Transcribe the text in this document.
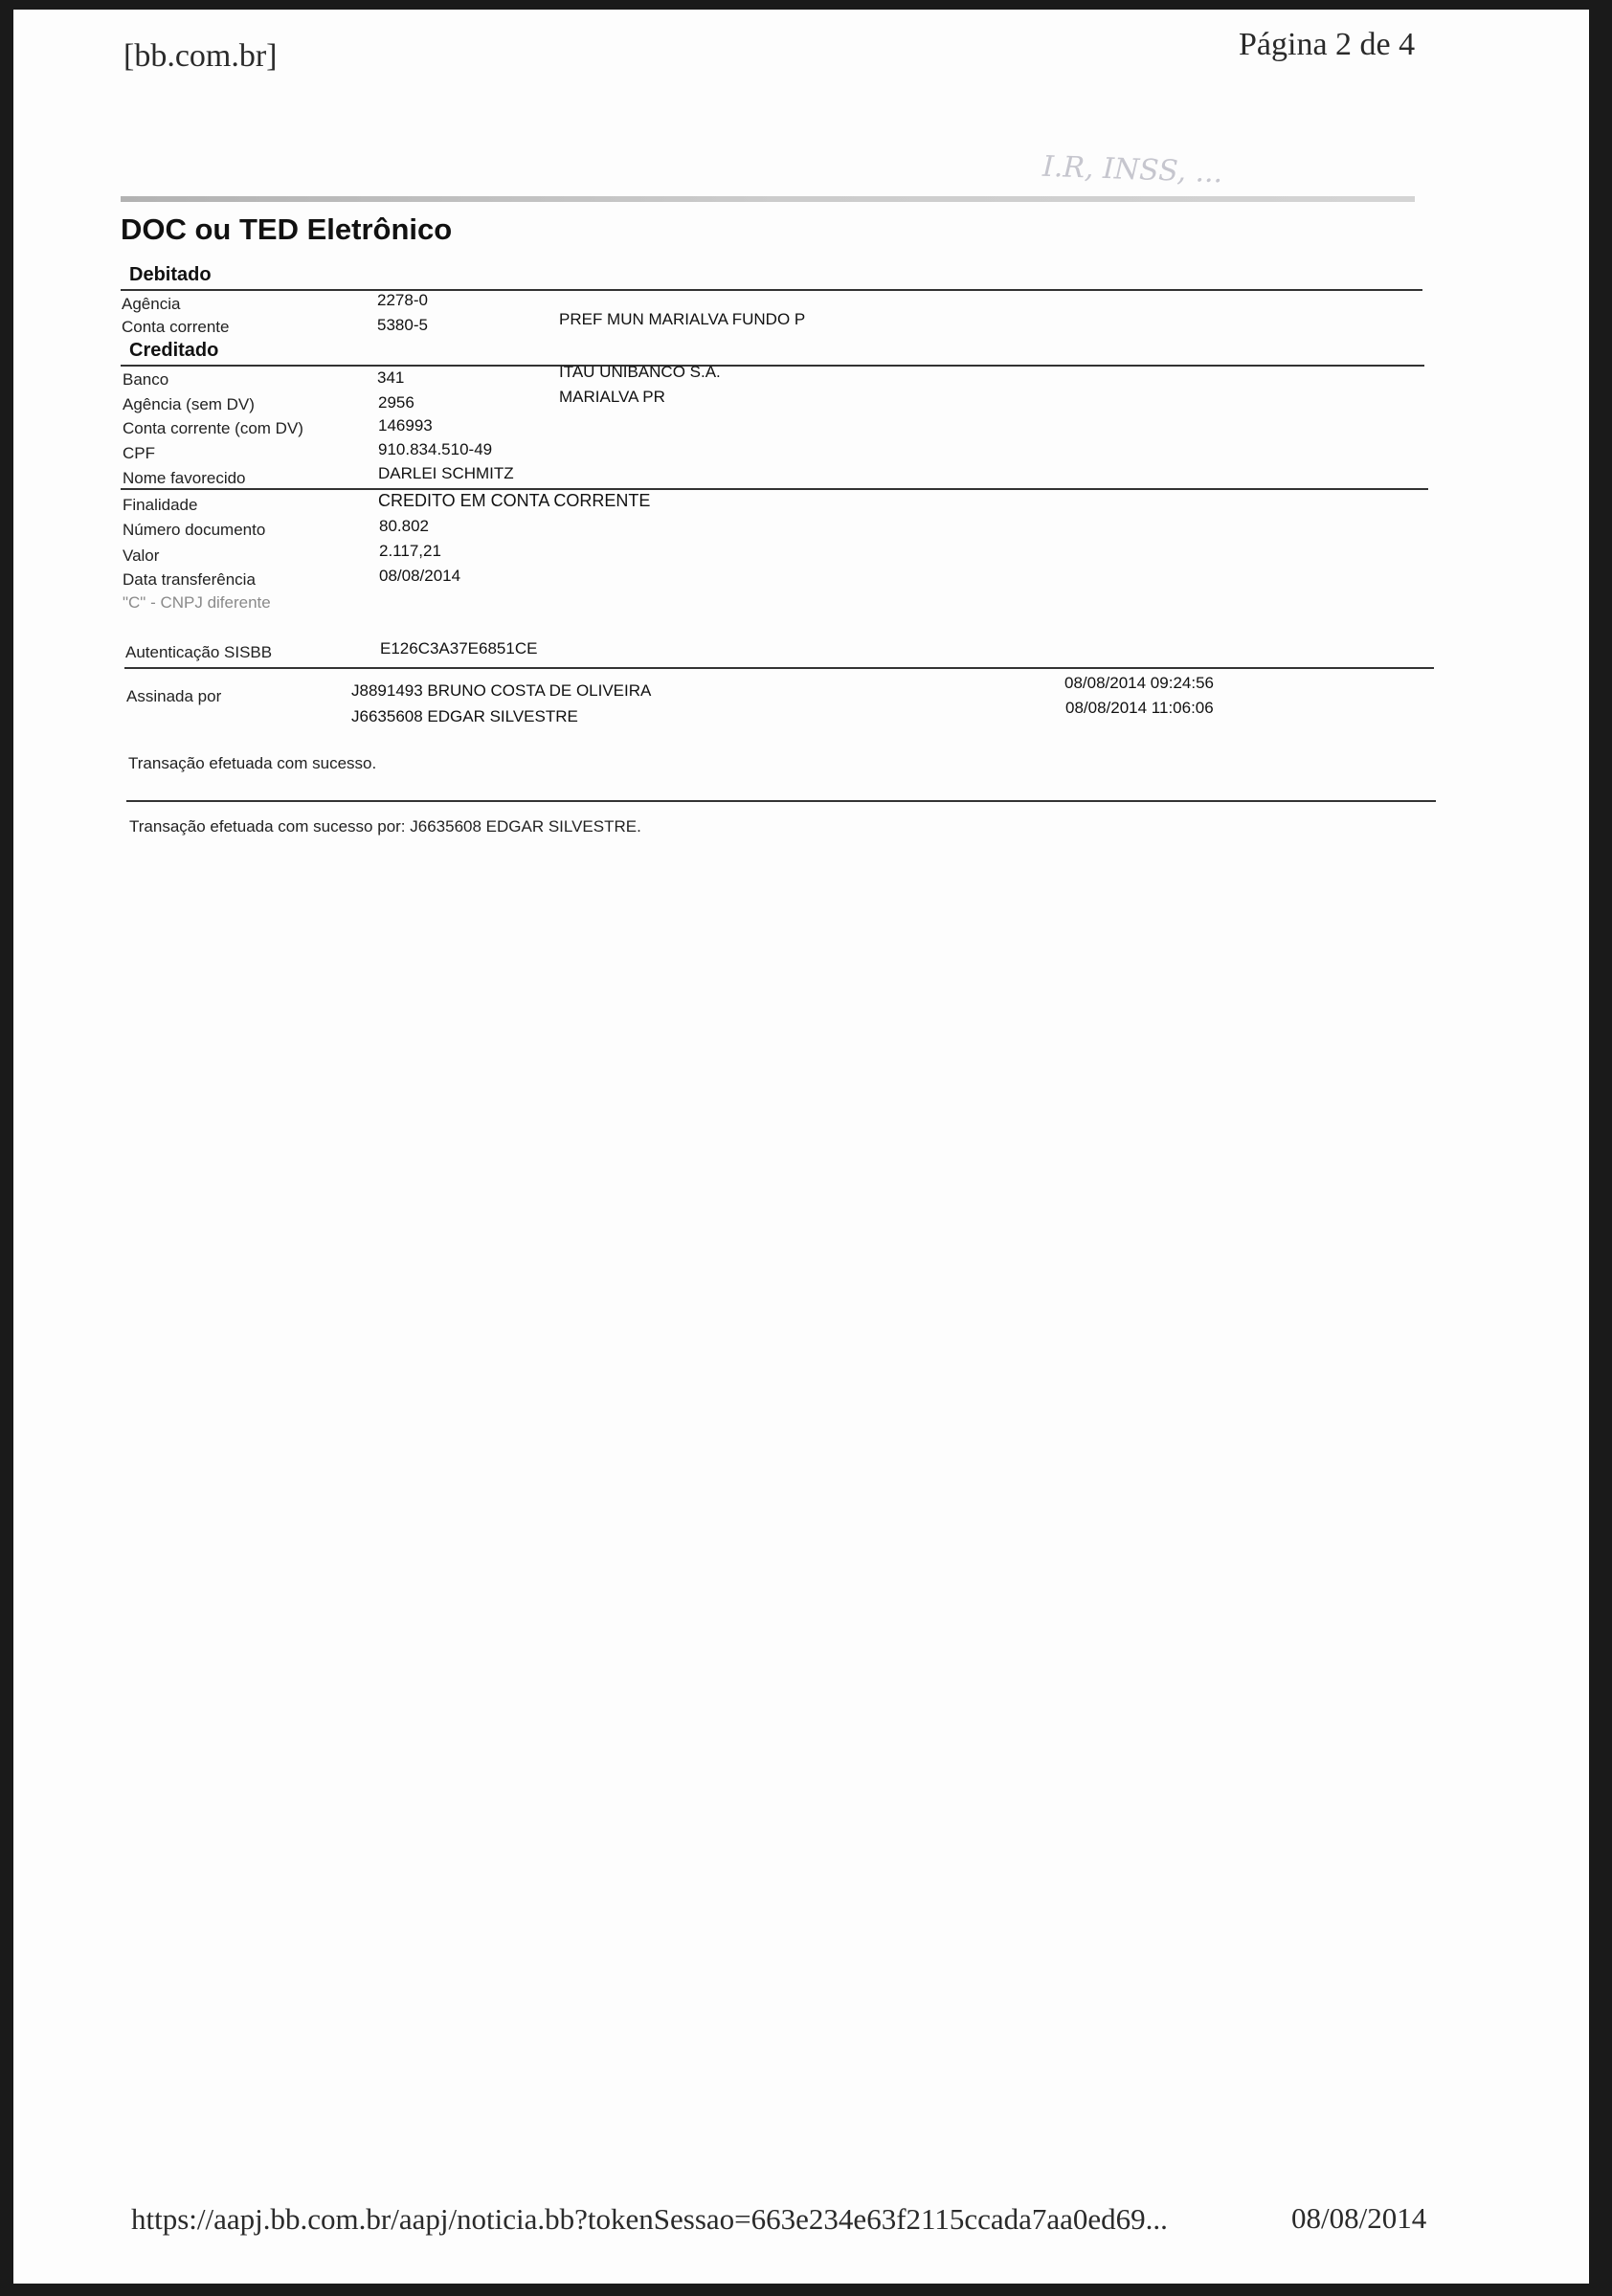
[bb.com.br]	Página 2 de 4
I.R, INSS, ...
DOC ou TED Eletrônico
Debitado
Agência	2278-0
Conta corrente	5380-5	PREF MUN MARIALVA FUNDO P
Creditado
Banco	341	ITAU UNIBANCO S.A.
Agência (sem DV)	2956	MARIALVA PR
Conta corrente (com DV)	146993
CPF	910.834.510-49
Nome favorecido	DARLEI SCHMITZ
Finalidade	CREDITO EM CONTA CORRENTE
Número documento	80.802
Valor	2.117,21
Data transferência	08/08/2014
"C" - CNPJ diferente
Autenticação SISBB	E126C3A37E6851CE
Assinada por	J8891493 BRUNO COSTA DE OLIVEIRA	08/08/2014 09:24:56
J6635608 EDGAR SILVESTRE	08/08/2014 11:06:06
Transação efetuada com sucesso.
Transação efetuada com sucesso por: J6635608 EDGAR SILVESTRE.
https://aapj.bb.com.br/aapj/noticia.bb?tokenSessao=663e234e63f2115ccada7aa0ed69...	08/08/2014
